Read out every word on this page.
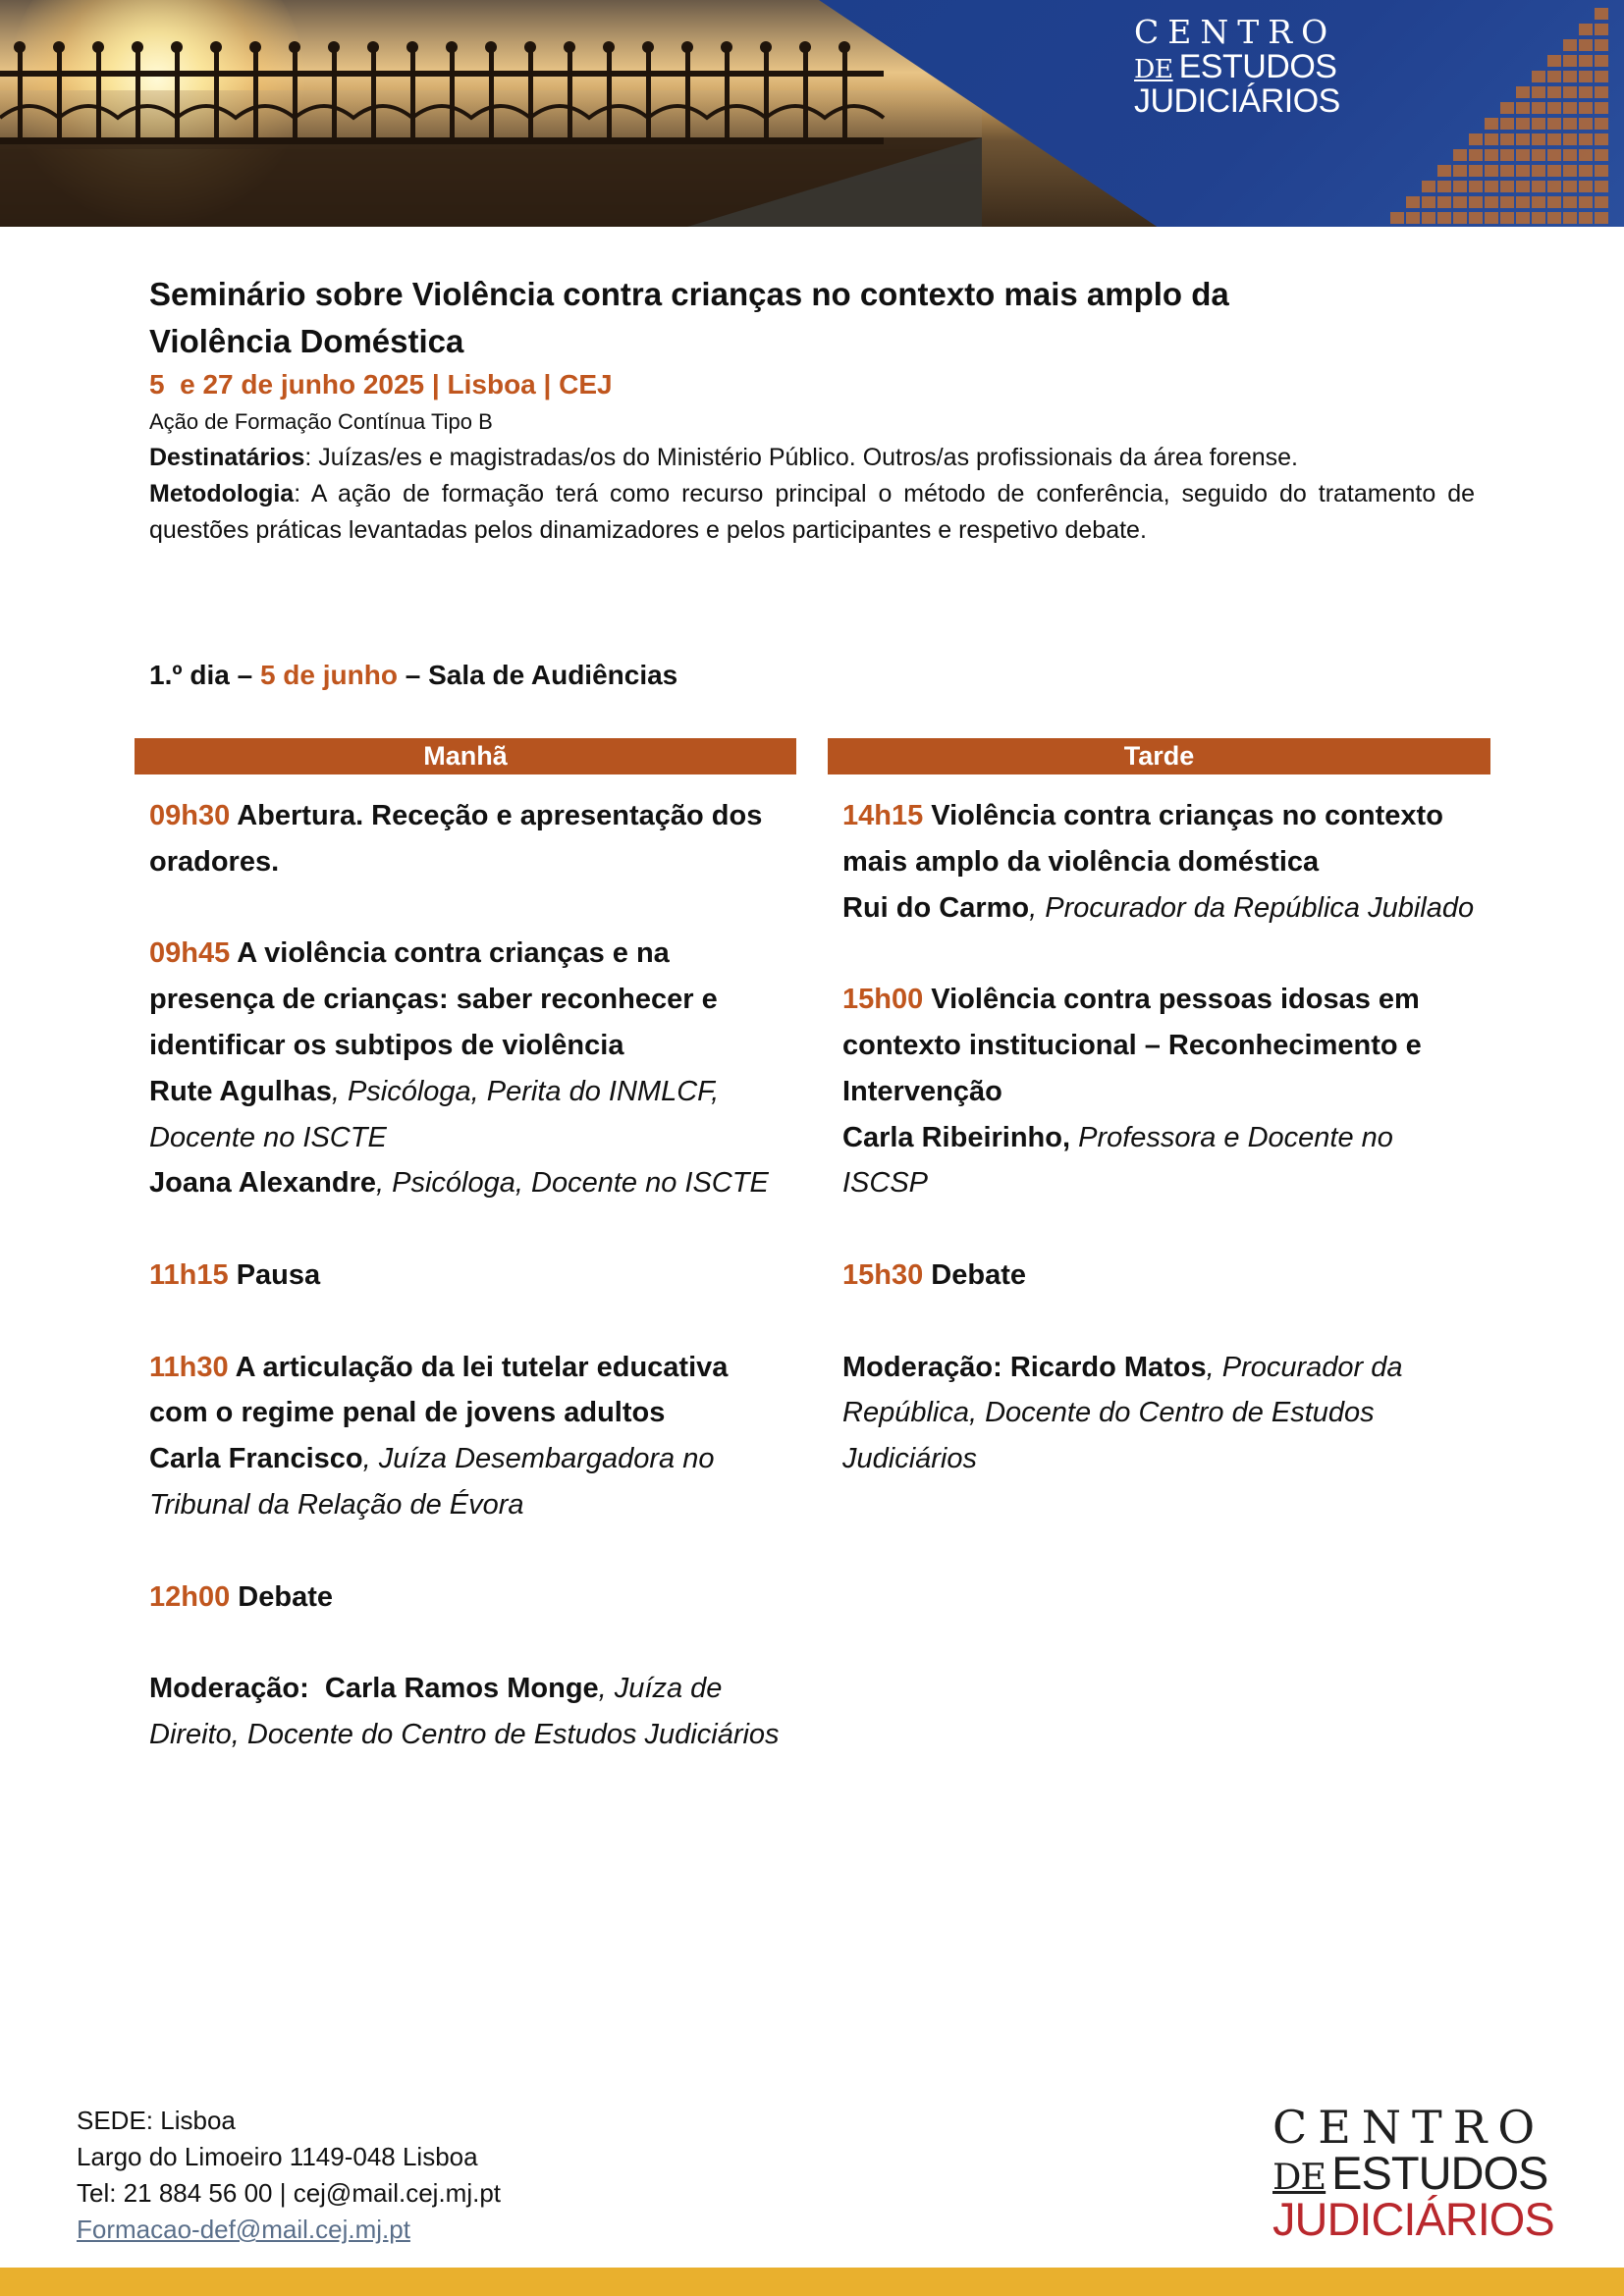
CENTRO
DE ESTUDOS
JUDICIÁRIOS

Seminário sobre Violência contra crianças no contexto mais amplo da
Violência Doméstica

5  e 27 de junho 2025 | Lisboa | CEJ

Ação de Formação Contínua Tipo B

Destinatários: Juízas/es e magistradas/os do Ministério Público. Outros/as profissionais da área forense.

Metodologia: A ação de formação terá como recurso principal o método de conferência, seguido do tratamento de questões práticas levantadas pelos dinamizadores e pelos participantes e respetivo debate.

1.º dia – 5 de junho – Sala de Audiências
Manhã	Tarde

09h30 Abertura. Receção e apresentação dos oradores.

09h45 A violência contra crianças e na presença de crianças: saber reconhecer e identificar os subtipos de violência
Rute Agulhas, Psicóloga, Perita do INMLCF, Docente no ISCTE
Joana Alexandre, Psicóloga, Docente no ISCTE

11h15 Pausa

11h30 A articulação da lei tutelar educativa com o regime penal de jovens adultos
Carla Francisco, Juíza Desembargadora no Tribunal da Relação de Évora

12h00 Debate

Moderação:  Carla Ramos Monge, Juíza de Direito, Docente do Centro de Estudos Judiciários

14h15 Violência contra crianças no contexto mais amplo da violência doméstica
Rui do Carmo, Procurador da República Jubilado

15h00 Violência contra pessoas idosas em contexto institucional – Reconhecimento e Intervenção
Carla Ribeirinho, Professora e Docente no ISCSP

15h30 Debate

Moderação: Ricardo Matos, Procurador da República, Docente do Centro de Estudos Judiciários

SEDE: Lisboa

Largo do Limoeiro 1149-048 Lisboa

Tel: 21 884 56 00 | cej@mail.cej.mj.pt

Formacao-def@mail.cej.mj.pt

CENTRO
DE ESTUDOS
JUDICIÁRIOS
